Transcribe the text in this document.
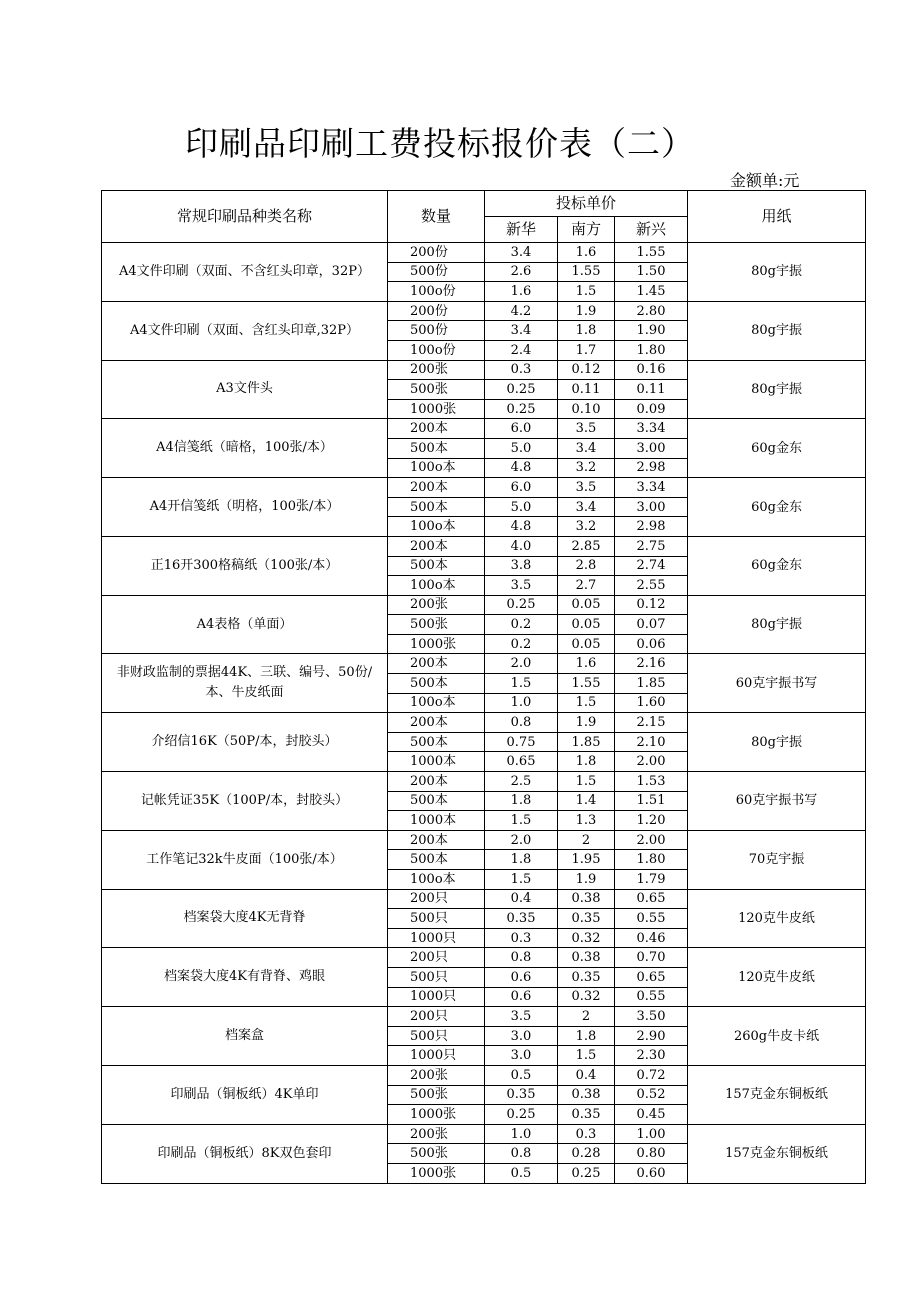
印刷品印刷工费投标报价表（二）
金额单:元
常规印刷品种类名称	数量	投标单价			用纸
		新华	南方	新兴	
A4文件印刷（双面、不含红头印章，32P）	200份	3.4	1.6	1.55	80g宇振
	500份	2.6	1.55	1.50	
	100o份	1.6	1.5	1.45	
A4文件印刷（双面、含红头印章,32P）	200份	4.2	1.9	2.80	80g宇振
	500份	3.4	1.8	1.90	
	100o份	2.4	1.7	1.80	
A3文件头	200张	0.3	0.12	0.16	80g宇振
	500张	0.25	0.11	0.11	
	1000张	0.25	0.10	0.09	
A4信笺纸（暗格，100张/本）	200本	6.0	3.5	3.34	60g金东
	500本	5.0	3.4	3.00	
	100o本	4.8	3.2	2.98	
A4开信笺纸（明格，100张/本）	200本	6.0	3.5	3.34	60g金东
	500本	5.0	3.4	3.00	
	100o本	4.8	3.2	2.98	
正16开300格稿纸（100张/本）	200本	4.0	2.85	2.75	60g金东
	500本	3.8	2.8	2.74	
	100o本	3.5	2.7	2.55	
A4表格（单面）	200张	0.25	0.05	0.12	80g宇振
	500张	0.2	0.05	0.07	
	1000张	0.2	0.05	0.06	
非财政监制的票据44K、三联、编号、50份/本、牛皮纸面	200本	2.0	1.6	2.16	60克宇振书写
	500本	1.5	1.55	1.85	
	100o本	1.0	1.5	1.60	
介绍信16K（50P/本，封胶头）	200本	0.8	1.9	2.15	80g宇振
	500本	0.75	1.85	2.10	
	1000本	0.65	1.8	2.00	
记帐凭证35K（100P/本，封胶头）	200本	2.5	1.5	1.53	60克宇振书写
	500本	1.8	1.4	1.51	
	1000本	1.5	1.3	1.20	
工作笔记32k牛皮面（100张/本）	200本	2.0	2	2.00	70克宇振
	500本	1.8	1.95	1.80	
	100o本	1.5	1.9	1.79	
档案袋大度4K无背脊	200只	0.4	0.38	0.65	120克牛皮纸
	500只	0.35	0.35	0.55	
	1000只	0.3	0.32	0.46	
档案袋大度4K有背脊、鸡眼	200只	0.8	0.38	0.70	120克牛皮纸
	500只	0.6	0.35	0.65	
	1000只	0.6	0.32	0.55	
档案盒	200只	3.5	2	3.50	260g牛皮卡纸
	500只	3.0	1.8	2.90	
	1000只	3.0	1.5	2.30	
印刷品（铜板纸）4K单印	200张	0.5	0.4	0.72	157克金东铜板纸
	500张	0.35	0.38	0.52	
	1000张	0.25	0.35	0.45	
印刷品（铜板纸）8K双色套印	200张	1.0	0.3	1.00	157克金东铜板纸
	500张	0.8	0.28	0.80	
	1000张	0.5	0.25	0.60	
